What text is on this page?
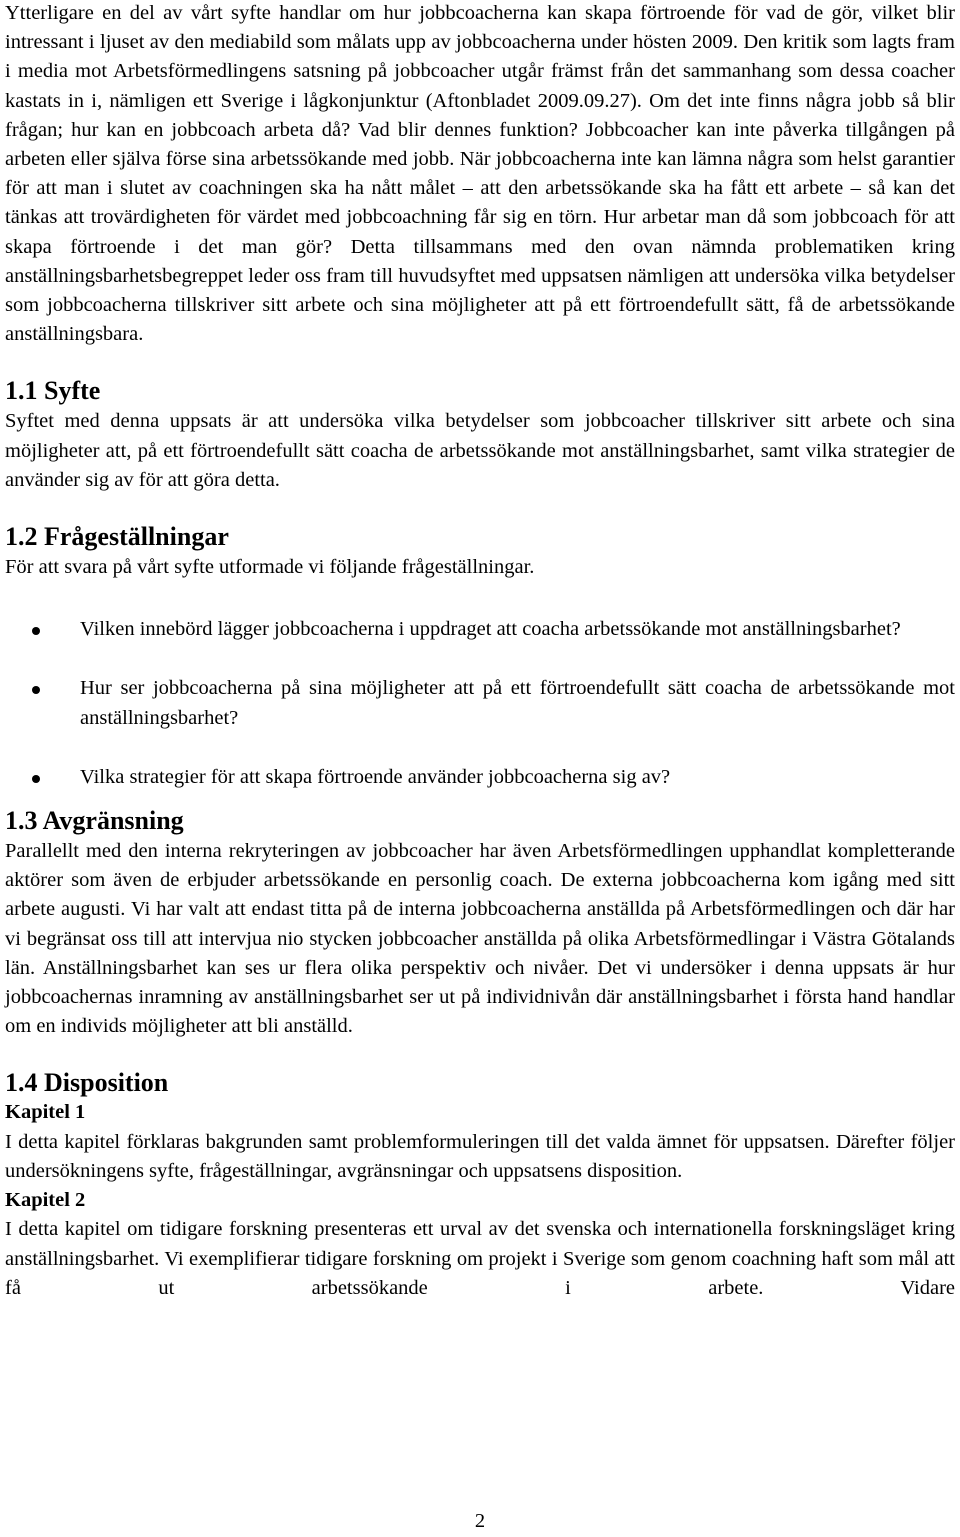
Ytterligare en del av vårt syfte handlar om hur jobbcoacherna kan skapa förtroende för vad de gör, vilket blir intressant i ljuset av den mediabild som målats upp av jobbcoacherna under hösten 2009. Den kritik som lagts fram i media mot Arbetsförmedlingens satsning på jobbcoacher utgår främst från det sammanhang som dessa coacher kastats in i, nämligen ett Sverige i lågkonjunktur (Aftonbladet 2009.09.27). Om det inte finns några jobb så blir frågan; hur kan en jobbcoach arbeta då? Vad blir dennes funktion? Jobbcoacher kan inte påverka tillgången på arbeten eller själva förse sina arbetssökande med jobb. När jobbcoacherna inte kan lämna några som helst garantier för att man i slutet av coachningen ska ha nått målet – att den arbetssökande ska ha fått ett arbete – så kan det tänkas att trovärdigheten för värdet med jobbcoachning får sig en törn. Hur arbetar man då som jobbcoach för att skapa förtroende i det man gör? Detta tillsammans med den ovan nämnda problematiken kring anställningsbarhetsbegreppet leder oss fram till huvudsyftet med uppsatsen nämligen att undersöka vilka betydelser som jobbcoacherna tillskriver sitt arbete och sina möjligheter att på ett förtroendefullt sätt, få de arbetssökande anställningsbara.

1.1 Syfte

Syftet med denna uppsats är att undersöka vilka betydelser som jobbcoacher tillskriver sitt arbete och sina möjligheter att, på ett förtroendefullt sätt coacha de arbetssökande mot anställningsbarhet, samt vilka strategier de använder sig av för att göra detta.

1.2 Frågeställningar

För att svara på vårt syfte utformade vi följande frågeställningar.

Vilken innebörd lägger jobbcoacherna i uppdraget att coacha arbetssökande mot anställningsbarhet?
Hur ser jobbcoacherna på sina möjligheter att på ett förtroendefullt sätt coacha de arbetssökande mot anställningsbarhet?
Vilka strategier för att skapa förtroende använder jobbcoacherna sig av?
1.3 Avgränsning

Parallellt med den interna rekryteringen av jobbcoacher har även Arbetsförmedlingen upphandlat kompletterande aktörer som även de erbjuder arbetssökande en personlig coach. De externa jobbcoacherna kom igång med sitt arbete augusti. Vi har valt att endast titta på de interna jobbcoacherna anställda på Arbetsförmedlingen och där har vi begränsat oss till att intervjua nio stycken jobbcoacher anställda på olika Arbetsförmedlingar i Västra Götalands län. Anställningsbarhet kan ses ur flera olika perspektiv och nivåer. Det vi undersöker i denna uppsats är hur jobbcoachernas inramning av anställningsbarhet ser ut på individnivån där anställningsbarhet i första hand handlar om en individs möjligheter att bli anställd.

1.4 Disposition
Kapitel 1

I detta kapitel förklaras bakgrunden samt problemformuleringen till det valda ämnet för uppsatsen. Därefter följer undersökningens syfte, frågeställningar, avgränsningar och uppsatsens disposition.

Kapitel 2

I detta kapitel om tidigare forskning presenteras ett urval av det svenska och internationella forskningsläget kring anställningsbarhet. Vi exemplifierar tidigare forskning om projekt i Sverige som genom coachning haft som mål att få ut arbetssökande i arbete. Vidare

2
